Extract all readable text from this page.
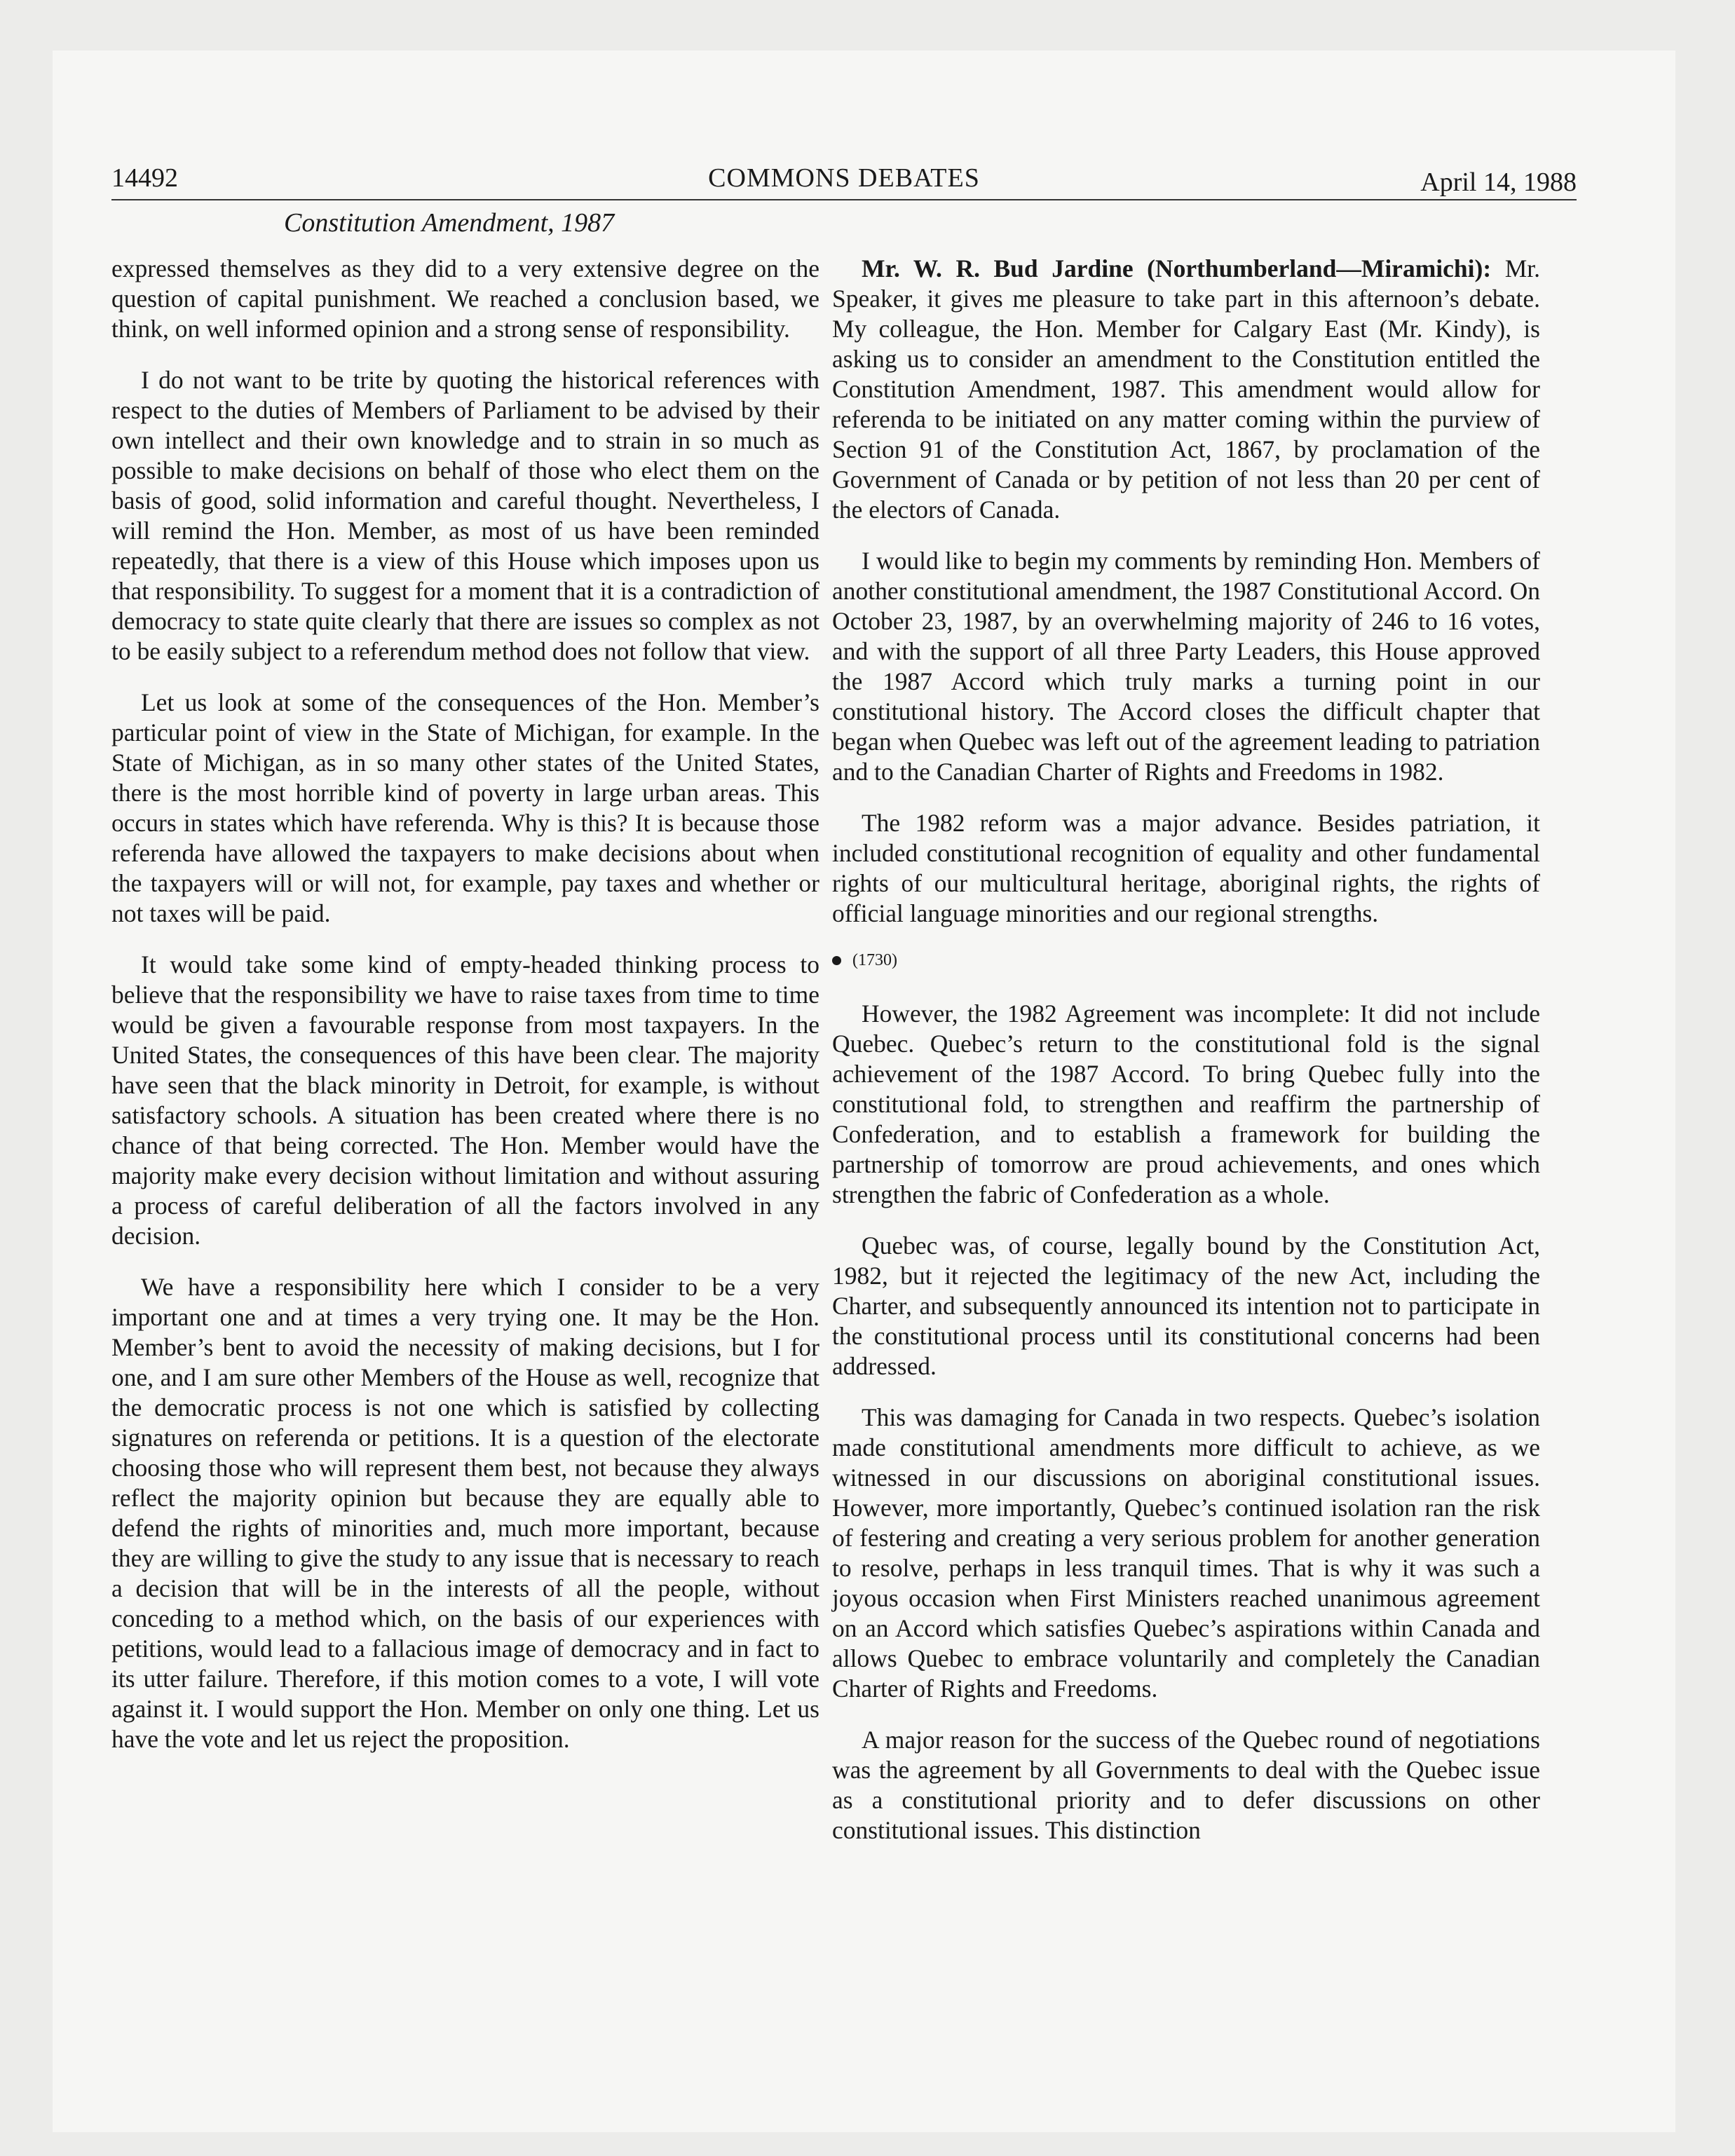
14492	COMMONS DEBATES	April 14, 1988
Constitution Amendment, 1987

expressed themselves as they did to a very extensive degree on the question of capital punishment. We reached a conclusion based, we think, on well informed opinion and a strong sense of responsibility.

I do not want to be trite by quoting the historical references with respect to the duties of Members of Parliament to be advised by their own intellect and their own knowledge and to strain in so much as possible to make decisions on behalf of those who elect them on the basis of good, solid information and careful thought. Nevertheless, I will remind the Hon. Member, as most of us have been reminded repeatedly, that there is a view of this House which imposes upon us that responsibility. To suggest for a moment that it is a contradiction of democracy to state quite clearly that there are issues so complex as not to be easily subject to a referendum method does not follow that view.

Let us look at some of the consequences of the Hon. Member’s particular point of view in the State of Michigan, for example. In the State of Michigan, as in so many other states of the United States, there is the most horrible kind of poverty in large urban areas. This occurs in states which have referenda. Why is this? It is because those referenda have allowed the taxpayers to make decisions about when the taxpayers will or will not, for example, pay taxes and whether or not taxes will be paid.

It would take some kind of empty-headed thinking process to believe that the responsibility we have to raise taxes from time to time would be given a favourable response from most taxpayers. In the United States, the consequences of this have been clear. The majority have seen that the black minority in Detroit, for example, is without satisfactory schools. A situation has been created where there is no chance of that being corrected. The Hon. Member would have the majority make every decision without limitation and without assuring a process of careful deliberation of all the factors involved in any decision.

We have a responsibility here which I consider to be a very important one and at times a very trying one. It may be the Hon. Member’s bent to avoid the necessity of making decisions, but I for one, and I am sure other Members of the House as well, recognize that the democratic process is not one which is satisfied by collecting signatures on referenda or petitions. It is a question of the electorate choosing those who will represent them best, not because they always reflect the majority opinion but because they are equally able to defend the rights of minorities and, much more important, because they are willing to give the study to any issue that is necessary to reach a decision that will be in the interests of all the people, without conceding to a method which, on the basis of our experiences with petitions, would lead to a fallacious image of democracy and in fact to its utter failure. Therefore, if this motion comes to a vote, I will vote against it. I would support the Hon. Member on only one thing. Let us have the vote and let us reject the proposition.

Mr. W. R. Bud Jardine (Northumberland—Miramichi): Mr. Speaker, it gives me pleasure to take part in this afternoon’s debate. My colleague, the Hon. Member for Calgary East (Mr. Kindy), is asking us to consider an amendment to the Constitution entitled the Constitution Amendment, 1987. This amendment would allow for referenda to be initiated on any matter coming within the purview of Section 91 of the Constitution Act, 1867, by proclamation of the Government of Canada or by petition of not less than 20 per cent of the electors of Canada.

I would like to begin my comments by reminding Hon. Members of another constitutional amendment, the 1987 Constitutional Accord. On October 23, 1987, by an overwhelming majority of 246 to 16 votes, and with the support of all three Party Leaders, this House approved the 1987 Accord which truly marks a turning point in our constitutional history. The Accord closes the difficult chapter that began when Quebec was left out of the agreement leading to patriation and to the Canadian Charter of Rights and Freedoms in 1982.

The 1982 reform was a major advance. Besides patriation, it included constitutional recognition of equality and other fundamental rights of our multicultural heritage, aboriginal rights, the rights of official language minorities and our regional strengths.

(1730)

However, the 1982 Agreement was incomplete: It did not include Quebec. Quebec’s return to the constitutional fold is the signal achievement of the 1987 Accord. To bring Quebec fully into the constitutional fold, to strengthen and reaffirm the partnership of Confederation, and to establish a framework for building the partnership of tomorrow are proud achievements, and ones which strengthen the fabric of Confederation as a whole.

Quebec was, of course, legally bound by the Constitution Act, 1982, but it rejected the legitimacy of the new Act, including the Charter, and subsequently announced its intention not to participate in the constitutional process until its constitutional concerns had been addressed.

This was damaging for Canada in two respects. Quebec’s isolation made constitutional amendments more difficult to achieve, as we witnessed in our discussions on aboriginal constitutional issues. However, more importantly, Quebec’s continued isolation ran the risk of festering and creating a very serious problem for another generation to resolve, perhaps in less tranquil times. That is why it was such a joyous occasion when First Ministers reached unanimous agreement on an Accord which satisfies Quebec’s aspirations within Canada and allows Quebec to embrace voluntarily and completely the Canadian Charter of Rights and Freedoms.

A major reason for the success of the Quebec round of negotiations was the agreement by all Governments to deal with the Quebec issue as a constitutional priority and to defer discussions on other constitutional issues. This distinction
